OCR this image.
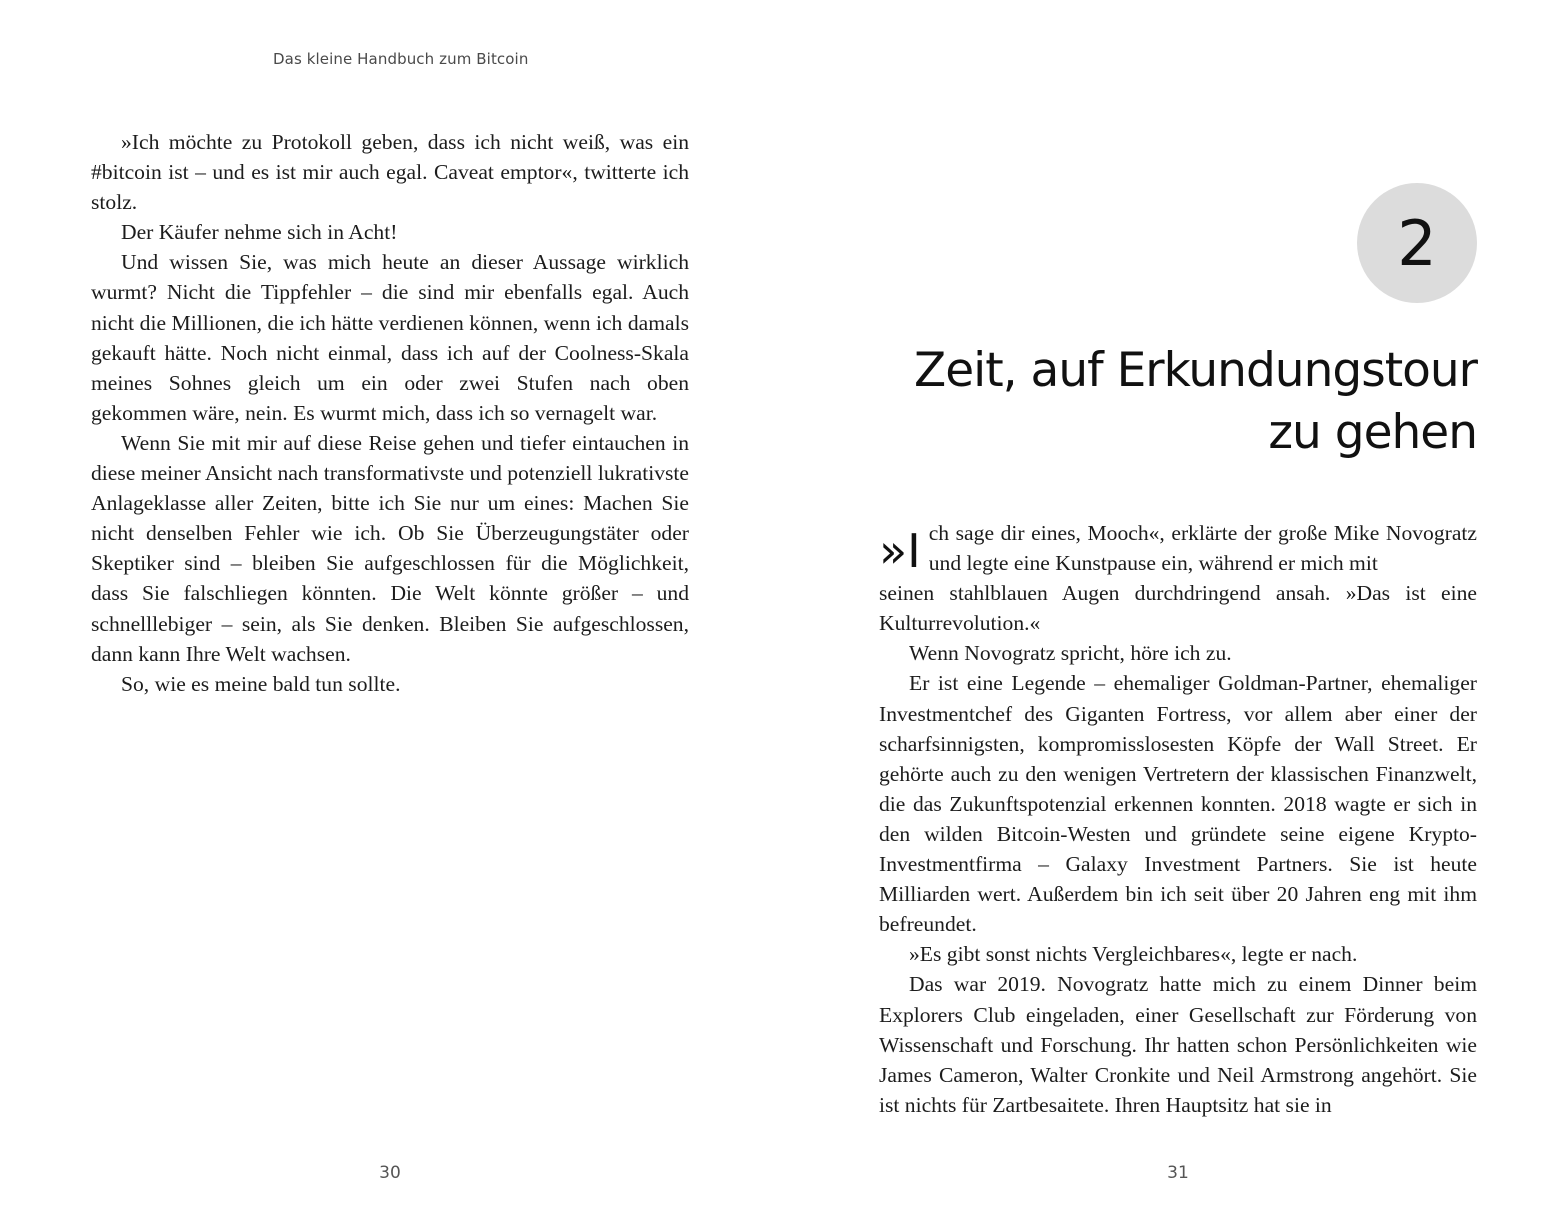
Das kleine Handbuch zum Bitcoin

»Ich möchte zu Protokoll geben, dass ich nicht weiß, was ein #bitcoin ist – und es ist mir auch egal. Caveat emptor«, twitterte ich stolz.

Der Käufer nehme sich in Acht!

Und wissen Sie, was mich heute an dieser Aussage wirklich wurmt? Nicht die Tippfehler – die sind mir ebenfalls egal. Auch nicht die Millionen, die ich hätte verdienen können, wenn ich damals gekauft hätte. Noch nicht einmal, dass ich auf der Coolness-Skala meines Sohnes gleich um ein oder zwei Stufen nach oben gekommen wäre, nein. Es wurmt mich, dass ich so vernagelt war.

Wenn Sie mit mir auf diese Reise gehen und tiefer eintauchen in diese meiner Ansicht nach transformativste und potenziell lukrativste Anlageklasse aller Zeiten, bitte ich Sie nur um eines: Machen Sie nicht denselben Fehler wie ich. Ob Sie Überzeugungstäter oder Skeptiker sind – bleiben Sie aufgeschlossen für die Möglichkeit, dass Sie falschliegen könnten. Die Welt könnte größer – und schnelllebiger – sein, als Sie denken. Bleiben Sie aufgeschlossen, dann kann Ihre Welt wachsen.

So, wie es meine bald tun sollte.

30
2
Zeit, auf Erkundungstour
zu gehen
»I ch sage dir eines, Mooch«, erklärte der große Mike Novogratz und legte eine Kunstpause ein, während er mich mit

seinen stahlblauen Augen durchdringend ansah. »Das ist eine Kulturrevolution.«

Wenn Novogratz spricht, höre ich zu.

Er ist eine Legende – ehemaliger Goldman-Partner, ehemaliger Investmentchef des Giganten Fortress, vor allem aber einer der scharfsinnigsten, kompromisslosesten Köpfe der Wall Street. Er gehörte auch zu den wenigen Vertretern der klassischen Finanzwelt, die das Zukunftspotenzial erkennen konnten. 2018 wagte er sich in den wilden Bitcoin-Westen und gründete seine eigene Krypto-Investmentfirma – Galaxy Investment Partners. Sie ist heute Milliarden wert. Außerdem bin ich seit über 20 Jahren eng mit ihm befreundet.

»Es gibt sonst nichts Vergleichbares«, legte er nach.

Das war 2019. Novogratz hatte mich zu einem Dinner beim Explorers Club eingeladen, einer Gesellschaft zur Förderung von Wissenschaft und Forschung. Ihr hatten schon Persönlichkeiten wie James Cameron, Walter Cronkite und Neil Armstrong angehört. Sie ist nichts für Zartbesaitete. Ihren Hauptsitz hat sie in

31
